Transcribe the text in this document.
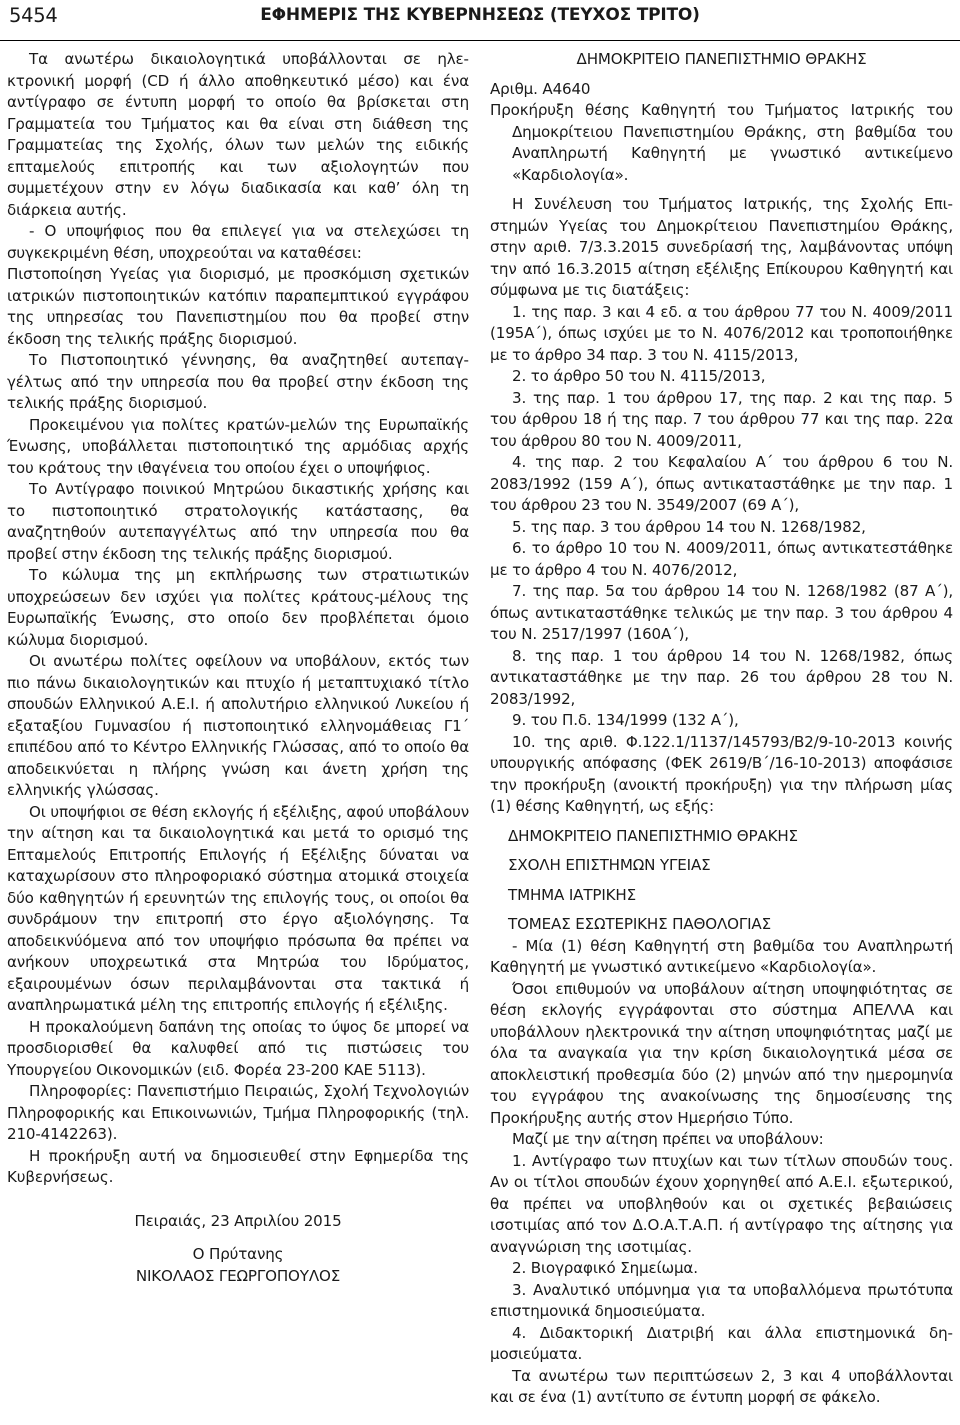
5454	ΕΦΗΜΕΡΙΣ ΤΗΣ ΚΥΒΕΡΝΗΣΕΩΣ (ΤΕΥΧΟΣ ΤΡΙΤΟ)

Τα ανωτέρω δικαιολογητικά υποβάλλονται σε ηλεκτρονική μορφή (CD ή άλλο αποθηκευτικό μέσο) και ένα αντίγραφο σε έντυπη μορφή το οποίο θα βρίσκεται στη Γραμματεία του Τμήματος και θα είναι στη διάθεση της Γραμματείας της Σχολής, όλων των μελών της ειδικής επταμελούς επιτροπής και των αξιολογητών που συμμετέχουν στην εν λόγω διαδικασία και καθ’ όλη τη διάρκεια αυτής.

- Ο υποψήφιος που θα επιλεγεί για να στελεχώσει τη συγκεκριμένη θέση, υποχρεούται να καταθέσει:

Πιστοποίηση Υγείας για διορισμό, με προσκόμιση σχετικών ιατρικών πιστοποιητικών κατόπιν παραπεμπτικού εγγράφου της υπηρεσίας του Πανεπιστημίου που θα προβεί στην έκδοση της τελικής πράξης διορισμού.

Το Πιστοποιητικό γέννησης, θα αναζητηθεί αυτεπαγγέλτως από την υπηρεσία που θα προβεί στην έκδοση της τελικής πράξης διορισμού.

Προκειμένου για πολίτες κρατών-μελών της Ευρωπαϊκής Ένωσης, υποβάλλεται πιστοποιητικό της αρμόδιας αρχής του κράτους την ιθαγένεια του οποίου έχει ο υποψήφιος.

Το Αντίγραφο ποινικού Μητρώου δικαστικής χρήσης και το πιστοποιητικό στρατολογικής κατάστασης, θα αναζητηθούν αυτεπαγγέλτως από την υπηρεσία που θα προβεί στην έκδοση της τελικής πράξης διορισμού.

Το κώλυμα της μη εκπλήρωσης των στρατιωτικών υποχρεώσεων δεν ισχύει για πολίτες κράτους-μέλους της Ευρωπαϊκής Ένωσης, στο οποίο δεν προβλέπεται όμοιο κώλυμα διορισμού.

Οι ανωτέρω πολίτες οφείλουν να υποβάλουν, εκτός των πιο πάνω δικαιολογητικών και πτυχίο ή μεταπτυχιακό τίτλο σπουδών Ελληνικού Α.Ε.Ι. ή απολυτήριο ελληνικού Λυκείου ή εξαταξίου Γυμνασίου ή πιστοποιητικό ελληνομάθειας Γ1΄ επιπέδου από το Κέντρο Ελληνικής Γλώσσας, από το οποίο θα αποδεικνύεται η πλήρης γνώση και άνετη χρήση της ελληνικής γλώσσας.

Οι υποψήφιοι σε θέση εκλογής ή εξέλιξης, αφού υποβάλουν την αίτηση και τα δικαιολογητικά και μετά το ορισμό της Επταμελούς Επιτροπής Επιλογής ή Εξέλιξης δύναται να καταχωρίσουν στο πληροφοριακό σύστημα ατομικά στοιχεία δύο καθηγητών ή ερευνητών της επιλογής τους, οι οποίοι θα συνδράμουν την επιτροπή στο έργο αξιολόγησης. Τα αποδεικνύόμενα από τον υποψήφιο πρόσωπα θα πρέπει να ανήκουν υποχρεωτικά στα Μητρώα του Ιδρύματος, εξαιρουμένων όσων περιλαμβάνονται στα τακτικά ή αναπληρωματικά μέλη της επιτροπής επιλογής ή εξέλιξης.

Η προκαλούμενη δαπάνη της οποίας το ύψος δε μπορεί να προσδιορισθεί θα καλυφθεί από τις πιστώσεις του Υπουργείου Οικονομικών (ειδ. Φορέα 23-200 ΚΑΕ 5113).

Πληροφορίες: Πανεπιστήμιο Πειραιώς, Σχολή Τεχνολογιών Πληροφορικής και Επικοινωνιών, Τμήμα Πληροφορικής (τηλ. 210-4142263).

Η προκήρυξη αυτή να δημοσιευθεί στην Εφημερίδα της Κυβερνήσεως.

Πειραιάς, 23 Απριλίου 2015

Ο Πρύτανης

ΝΙΚΟΛΑΟΣ ΓΕΩΡΓΟΠΟΥΛΟΣ

ΔΗΜΟΚΡΙΤΕΙΟ ΠΑΝΕΠΙΣΤΗΜΙΟ ΘΡΑΚΗΣ

Αριθμ. Α4640

Προκήρυξη θέσης Καθηγητή του Τμήματος Ιατρικής του Δημοκρίτειου Πανεπιστημίου Θράκης, στη βαθμίδα του Αναπληρωτή Καθηγητή με γνωστικό αντικείμενο «Καρδιολογία».

Η Συνέλευση του Τμήματος Ιατρικής, της Σχολής Επιστημών Υγείας του Δημοκρίτειου Πανεπιστημίου Θράκης, στην αριθ. 7/3.3.2015 συνεδρίασή της, λαμβάνοντας υπόψη την από 16.3.2015 αίτηση εξέλιξης Επίκουρου Καθηγητή και σύμφωνα με τις διατάξεις:

1. της παρ. 3 και 4 εδ. α του άρθρου 77 του Ν. 4009/2011 (195Α΄), όπως ισχύει με το Ν. 4076/2012 και τροποποιήθηκε με το άρθρο 34 παρ. 3 του Ν. 4115/2013,

2. το άρθρο 50 του Ν. 4115/2013,

3. της παρ. 1 του άρθρου 17, της παρ. 2 και της παρ. 5 του άρθρου 18 ή της παρ. 7 του άρθρου 77 και της παρ. 22α του άρθρου 80 του Ν. 4009/2011,

4. της παρ. 2 του Κεφαλαίου Α΄ του άρθρου 6 του Ν. 2083/1992 (159 Α΄), όπως αντικαταστάθηκε με την παρ. 1 του άρθρου 23 του Ν. 3549/2007 (69 Α΄),

5. της παρ. 3 του άρθρου 14 του Ν. 1268/1982,

6. το άρθρο 10 του Ν. 4009/2011, όπως αντικατεστάθηκε με το άρθρο 4 του Ν. 4076/2012,

7. της παρ. 5α του άρθρου 14 του Ν. 1268/1982 (87 Α΄), όπως αντικαταστάθηκε τελικώς με την παρ. 3 του άρθρου 4 του Ν. 2517/1997 (160Α΄),

8. της παρ. 1 του άρθρου 14 του Ν. 1268/1982, όπως αντικαταστάθηκε με την παρ. 26 του άρθρου 28 του Ν. 2083/1992,

9. του Π.δ. 134/1999 (132 Α΄),

10. της αριθ. Φ.122.1/1137/145793/Β2/9-10-2013 κοινής υπουργικής απόφασης (ΦΕΚ 2619/Β΄/16-10-2013) αποφάσισε την προκήρυξη (ανοικτή προκήρυξη) για την πλήρωση μίας (1) θέσης Καθηγητή, ως εξής:

ΔΗΜΟΚΡΙΤΕΙΟ ΠΑΝΕΠΙΣΤΗΜΙΟ ΘΡΑΚΗΣ

ΣΧΟΛΗ ΕΠΙΣΤΗΜΩΝ ΥΓΕΙΑΣ

ΤΜΗΜΑ ΙΑΤΡΙΚΗΣ

ΤΟΜΕΑΣ ΕΣΩΤΕΡΙΚΗΣ ΠΑΘΟΛΟΓΙΑΣ

- Μία (1) θέση Καθηγητή στη βαθμίδα του Αναπληρωτή Καθηγητή με γνωστικό αντικείμενο «Καρδιολογία».

Όσοι επιθυμούν να υποβάλουν αίτηση υποψηφιότητας σε θέση εκλογής εγγράφονται στο σύστημα ΑΠΕΛΛΑ και υποβάλλουν ηλεκτρονικά την αίτηση υποψηφιότητας μαζί με όλα τα αναγκαία για την κρίση δικαιολογητικά μέσα σε αποκλειστική προθεσμία δύο (2) μηνών από την ημερομηνία του εγγράφου της ανακοίνωσης της δημοσίευσης της Προκήρυξης αυτής στον Ημερήσιο Τύπο.

Μαζί με την αίτηση πρέπει να υποβάλουν:

1. Αντίγραφο των πτυχίων και των τίτλων σπουδών τους. Αν οι τίτλοι σπουδών έχουν χορηγηθεί από Α.Ε.Ι. εξωτερικού, θα πρέπει να υποβληθούν και οι σχετικές βεβαιώσεις ισοτιμίας από τον Δ.Ο.Α.Τ.Α.Π. ή αντίγραφο της αίτησης για αναγνώριση της ισοτιμίας.

2. Βιογραφικό Σημείωμα.

3. Αναλυτικό υπόμνημα για τα υποβαλλόμενα πρωτότυπα επιστημονικά δημοσιεύματα.

4. Διδακτορική Διατριβή και άλλα επιστημονικά δημοσιεύματα.

Τα ανωτέρω των περιπτώσεων 2, 3 και 4 υποβάλλονται και σε ένα (1) αντίτυπο σε έντυπη μορφή σε φάκελο.
